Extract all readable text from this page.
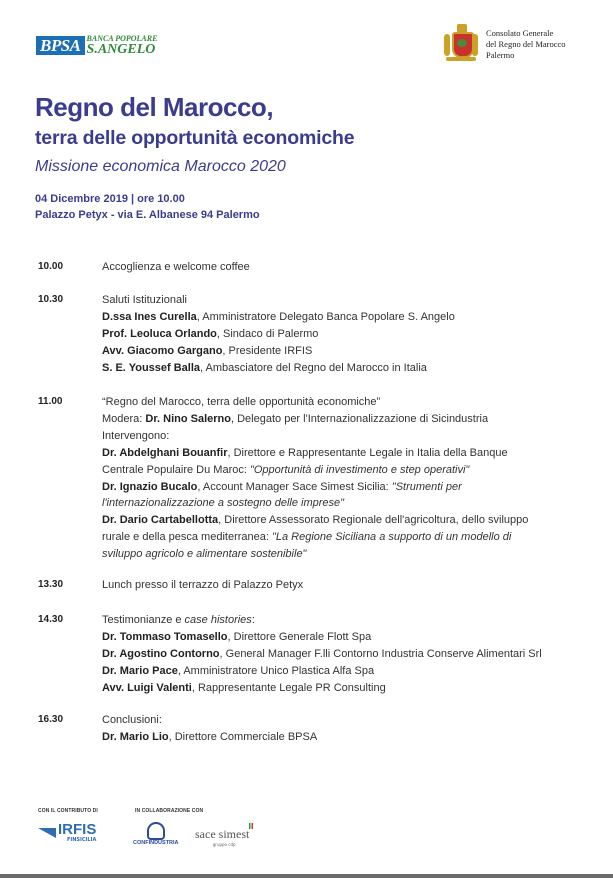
BPSA BANCA POPOLARE
S.ANGELO
Consolato Generale
del Regno del Marocco
Palermo
Regno del Marocco,
terra delle opportunità economiche
Missione economica Marocco 2020
04 Dicembre 2019 | ore 10.00
Palazzo Petyx - via E. Albanese 94 Palermo
10.00	Accoglienza e welcome coffee
10.30	Saluti Istituzionali
D.ssa Ines Curella, Amministratore Delegato Banca Popolare S. Angelo
Prof. Leoluca Orlando, Sindaco di Palermo
Avv. Giacomo Gargano, Presidente IRFIS
S. E. Youssef Balla, Ambasciatore del Regno del Marocco in Italia
11.00	“Regno del Marocco, terra delle opportunità economiche”
Modera: Dr. Nino Salerno, Delegato per l'Internazionalizzazione di Sicindustria
Intervengono:
Dr. Abdelghani Bouanfir, Direttore e Rappresentante Legale in Italia della Banque
Centrale Populaire Du Maroc: "Opportunità di investimento e step operativi"
Dr. Ignazio Bucalo, Account Manager Sace Simest Sicilia: "Strumenti per
l'internazionalizzazione a sostegno delle imprese"
Dr. Dario Cartabellotta, Direttore Assessorato Regionale dell'agricoltura, dello sviluppo
rurale e della pesca mediterranea: "La Regione Siciliana a supporto di un modello di
sviluppo agricolo e alimentare sostenibile"
13.30	Lunch presso il terrazzo di Palazzo Petyx
14.30	Testimonianze e case histories:
Dr. Tommaso Tomasello, Direttore Generale Flott Spa
Dr. Agostino Contorno, General Manager F.lli Contorno Industria Conserve Alimentari Srl
Dr. Mario Pace, Amministratore Unico Plastica Alfa Spa
Avv. Luigi Valenti, Rappresentante Legale PR Consulting
16.30	Conclusioni:
Dr. Mario Lio, Direttore Commerciale BPSA
CON IL CONTRIBUTO DI	IN COLLABORAZIONE CON
IRFIS
FINSICILIA	CONFINDUSTRIA
sace simest
gruppo cdp
